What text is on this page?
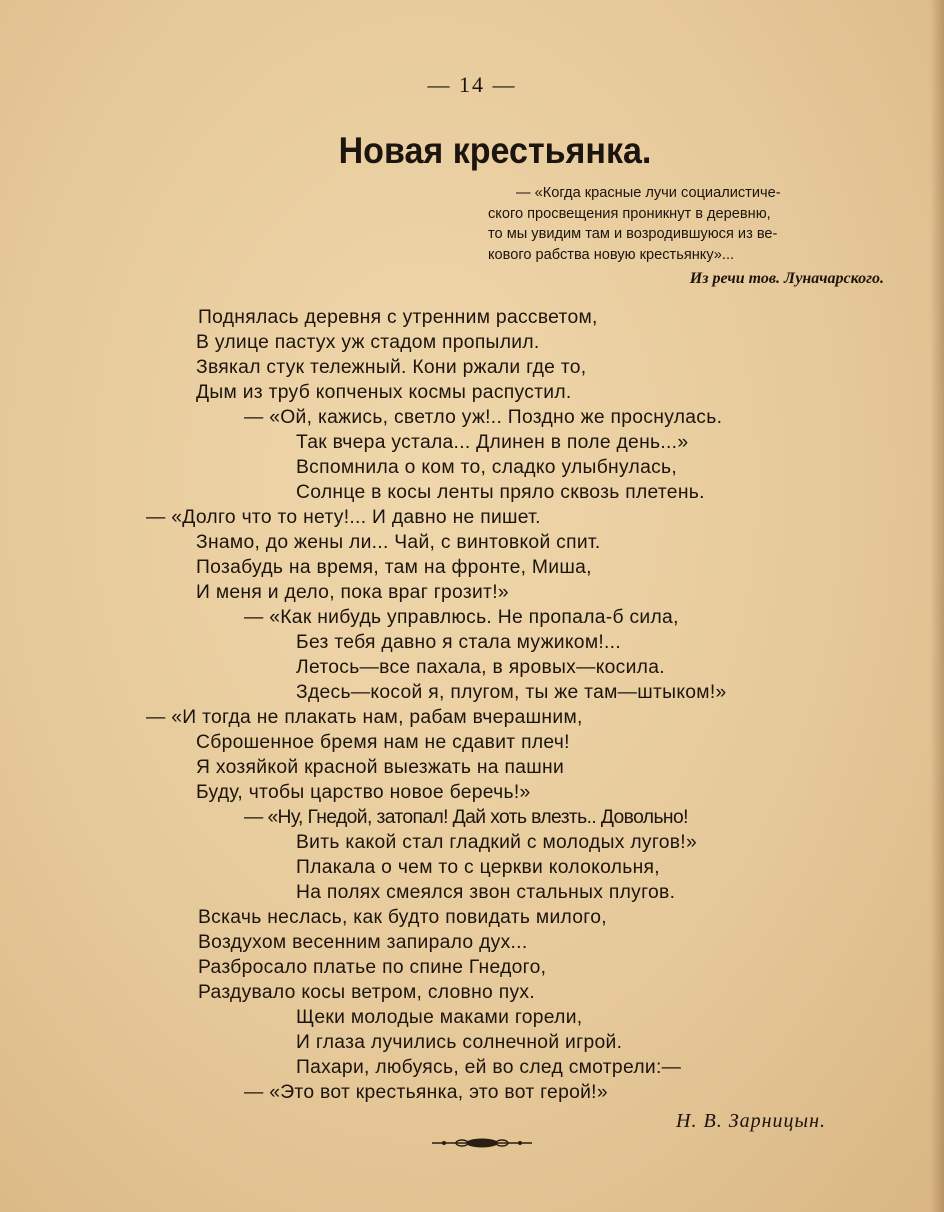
— 14 —
Новая крестьянка.
— «Когда красные лучи социалистиче-
ского просвещения проникнут в деревню,
то мы увидим там и возродившуюся из ве-
кового рабства новую крестьянку»...
Из речи тов. Луначарского.
Поднялась деревня с утренним рассветом,
В улице пастух уж стадом пропылил.
Звякал стук тележный. Кони ржали где то,
Дым из труб копченых космы распустил.
— «Ой, кажись, светло уж!.. Поздно же проснулась.
Так вчера устала... Длинен в поле день...»
Вспомнила о ком то, сладко улыбнулась,
Солнце в косы ленты пряло сквозь плетень.
— «Долго что то нету!... И давно не пишет.
Знамо, до жены ли... Чай, с винтовкой спит.
Позабудь на время, там на фронте, Миша,
И меня и дело, пока враг грозит!»
— «Как нибудь управлюсь. Не пропала-б сила,
Без тебя давно я стала мужиком!...
Летось—все пахала, в яровых—косила.
Здесь—косой я, плугом, ты же там—штыком!»
— «И тогда не плакать нам, рабам вчерашним,
Сброшенное бремя нам не сдавит плеч!
Я хозяйкой красной выезжать на пашни
Буду, чтобы царство новое беречь!»
— «Ну, Гнедой, затопал! Дай хоть влезть.. Довольно!
Вить какой стал гладкий с молодых лугов!»
Плакала о чем то с церкви колокольня,
На полях смеялся звон стальных плугов.
Вскачь неслась, как будто повидать милого,
Воздухом весенним запирало дух...
Разбросало платье по спине Гнедого,
Раздувало косы ветром, словно пух.
Щеки молодые маками горели,
И глаза лучились солнечной игрой.
Пахари, любуясь, ей во след смотрели:—
— «Это вот крестьянка, это вот герой!»
Н. В. Зарницын.
